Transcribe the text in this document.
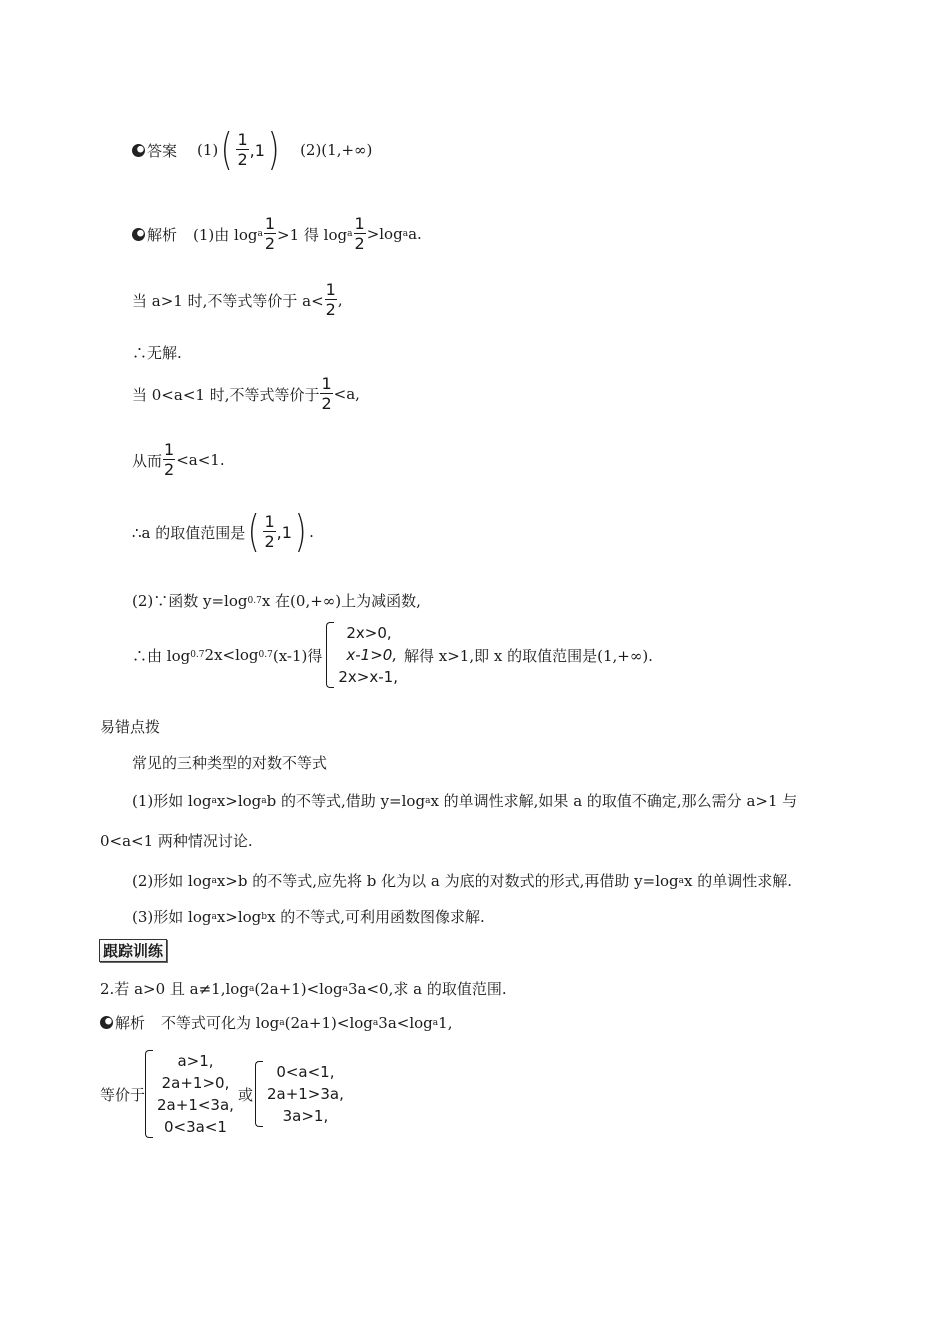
答案 (1) ( $\frac{1}{2} ,1$ ) (2)(1,+∞)
解析 (1)由 log a $\frac{1}{2} >1$ 得 log a $\frac{1}{2} >\log$ a a.
当 a>1 时,不等式等价于 $a< \frac{1}{2}$ ,
∴无解.
当 0<a<1 时,不等式等价于 $\frac{1}{2} <a$,
从而 $\frac{1}{2} <a<1$.
∴a 的取值范围是 ( $\frac{1}{2} ,1$ ) .
(2)∵函数 y=log 0.7 x 在(0,+∞)上为减函数,
∴由 log 0.7 2x<log 0.7 (x-1)得
2x>0,
x-1>0,
2x>x-1,
解得 x>1,即 x 的取值范围是(1,+∞).
易错点拨
常见的三种类型的对数不等式
(1)形如 log a x>log a b 的不等式,借助 y=log a x 的单调性求解,如果 a 的取值不确定,那么需分 a>1 与
0<a<1 两种情况讨论.
(2)形如 log a x>b 的不等式,应先将 b 化为以 a 为底的对数式的形式,再借助 y=log a x 的单调性求解.
(3)形如 log a x>log b x 的不等式,可利用函数图像求解.
跟踪训练
2.若 a>0 且 a≠1,log a (2a+1)<log a 3a<0,求 a 的取值范围.
解析 不等式可化为 log a (2a+1)<log a 3a<log a 1,
等价于
a>1,
2a+1>0,
2a+1<3a,
0<3a<1
或
0<a<1,
2a+1>3a,
3a>1,
